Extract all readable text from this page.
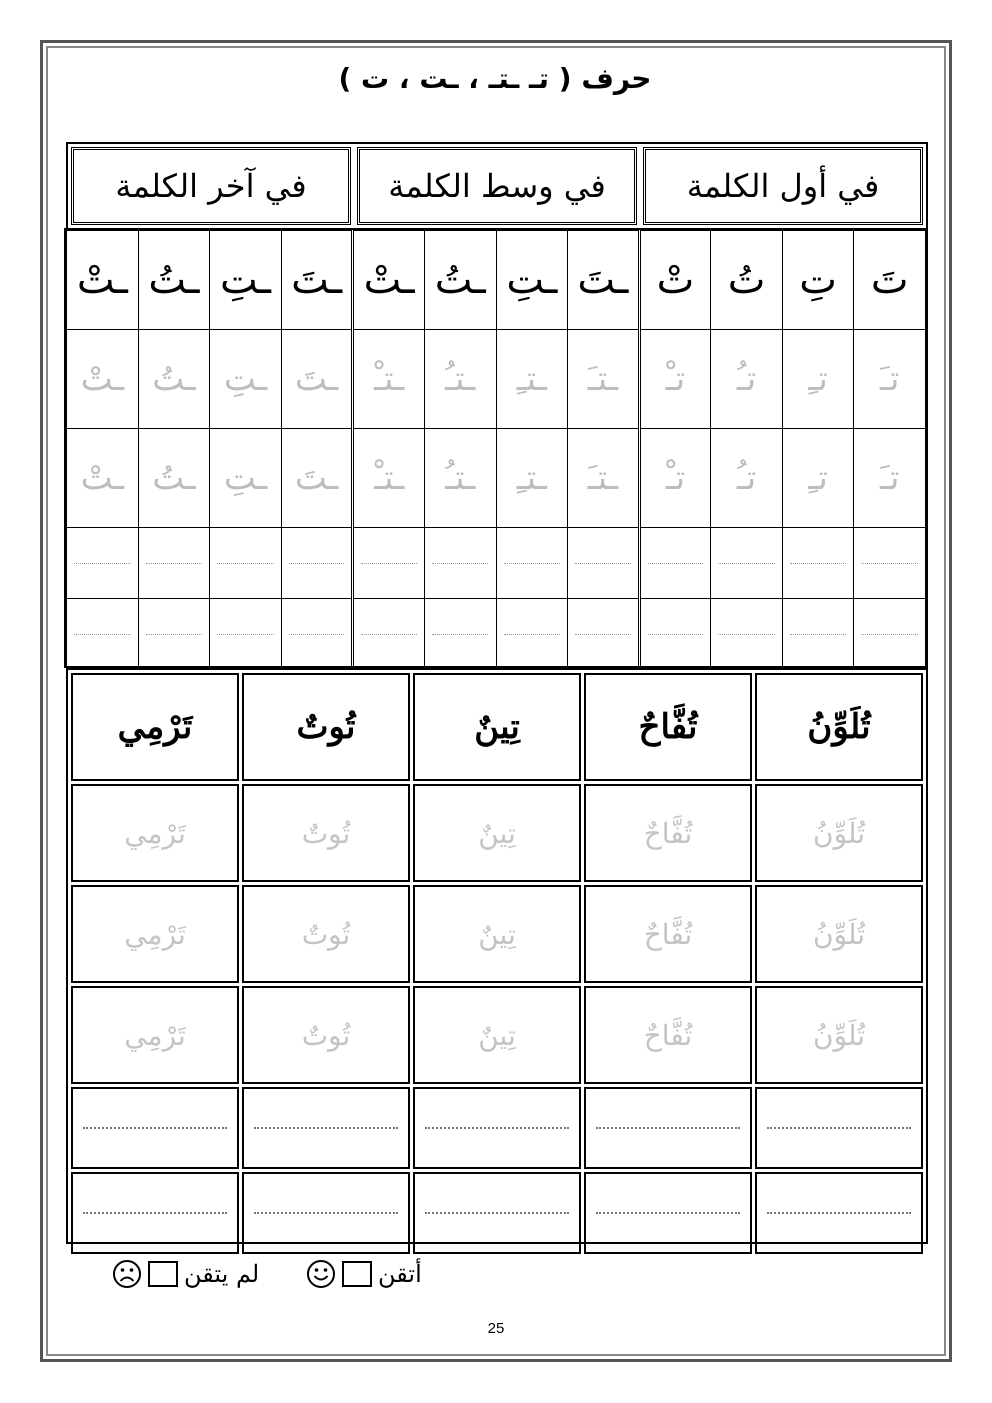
حرف ( تـ ـتـ ، ـت ، ت )
في أول الكلمة
في وسط الكلمة
في آخر الكلمة
تَ	تِ	تُ	تْ	ـتَ	ـتِ	ـتُ	ـتْ	ـتَ	ـتِ	ـتُ	ـتْ
تـَ	تـِ	تـُ	تـْ	ـتـَ	ـتـِ	ـتـُ	ـتـْ	ـتَ	ـتِ	ـتُ	ـتْ
تـَ	تـِ	تـُ	تـْ	ـتـَ	ـتـِ	ـتـُ	ـتـْ	ـتَ	ـتِ	ـتُ	ـتْ

تُلَوِّنُ	تُفَّاحٌ	تِينٌ	تُوتٌ	تَرْمِي
تُلَوِّنُ	تُفَّاحٌ	تِينٌ	تُوتٌ	تَرْمِي
تُلَوِّنُ	تُفَّاحٌ	تِينٌ	تُوتٌ	تَرْمِي
تُلَوِّنُ	تُفَّاحٌ	تِينٌ	تُوتٌ	تَرْمِي

أتقن
لم يتقن
25
